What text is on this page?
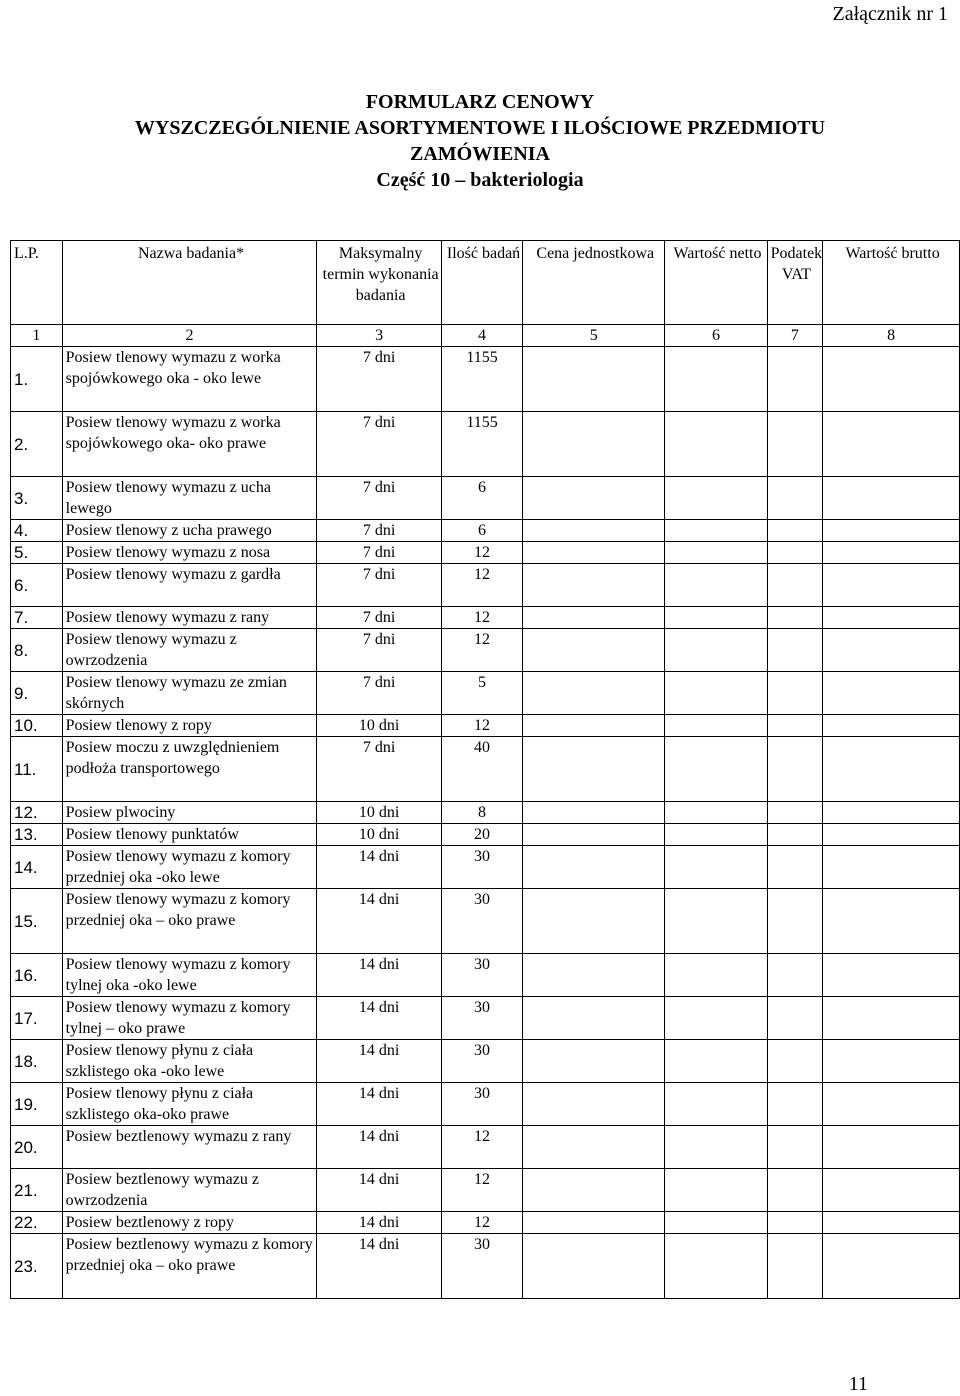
Załącznik nr 1
FORMULARZ CENOWY
WYSZCZEGÓLNIENIE ASORTYMENTOWE I ILOŚCIOWE PRZEDMIOTU
ZAMÓWIENIA
Część 10 – bakteriologia
L.P.	Nazwa badania*	Maksymalny termin wykonania badania	Ilość badań	Cena jednostkowa	Wartość netto	Podatek VAT	Wartość brutto
1	2	3	4	5	6	7	8
1.	Posiew tlenowy wymazu z worka spojówkowego oka - oko lewe	7 dni	1155				
2.	Posiew tlenowy wymazu z worka spojówkowego oka- oko prawe	7 dni	1155				
3.	Posiew tlenowy wymazu z ucha lewego	7 dni	6				
4.	Posiew tlenowy z ucha prawego	7 dni	6				
5.	Posiew tlenowy wymazu z nosa	7 dni	12				
6.	Posiew tlenowy wymazu z gardła	7 dni	12				
7.	Posiew tlenowy wymazu z rany	7 dni	12				
8.	Posiew tlenowy wymazu z owrzodzenia	7 dni	12				
9.	Posiew tlenowy wymazu ze zmian skórnych	7 dni	5				
10.	Posiew tlenowy z ropy	10 dni	12				
11.	Posiew moczu z uwzględnieniem podłoża transportowego	7 dni	40				
12.	Posiew plwociny	10 dni	8				
13.	Posiew tlenowy punktatów	10 dni	20				
14.	Posiew tlenowy wymazu z komory przedniej oka -oko lewe	14 dni	30				
15.	Posiew tlenowy wymazu z komory przedniej oka – oko prawe	14 dni	30				
16.	Posiew tlenowy wymazu z komory tylnej oka -oko lewe	14 dni	30				
17.	Posiew tlenowy wymazu z komory tylnej – oko prawe	14 dni	30				
18.	Posiew tlenowy płynu z ciała szklistego oka -oko lewe	14 dni	30				
19.	Posiew tlenowy płynu z ciała szklistego oka-oko prawe	14 dni	30				
20.	Posiew beztlenowy wymazu z rany	14 dni	12				
21.	Posiew beztlenowy wymazu z owrzodzenia	14 dni	12				
22.	Posiew beztlenowy z ropy	14 dni	12				
23.	Posiew beztlenowy wymazu z komory przedniej oka – oko prawe	14 dni	30				
11
